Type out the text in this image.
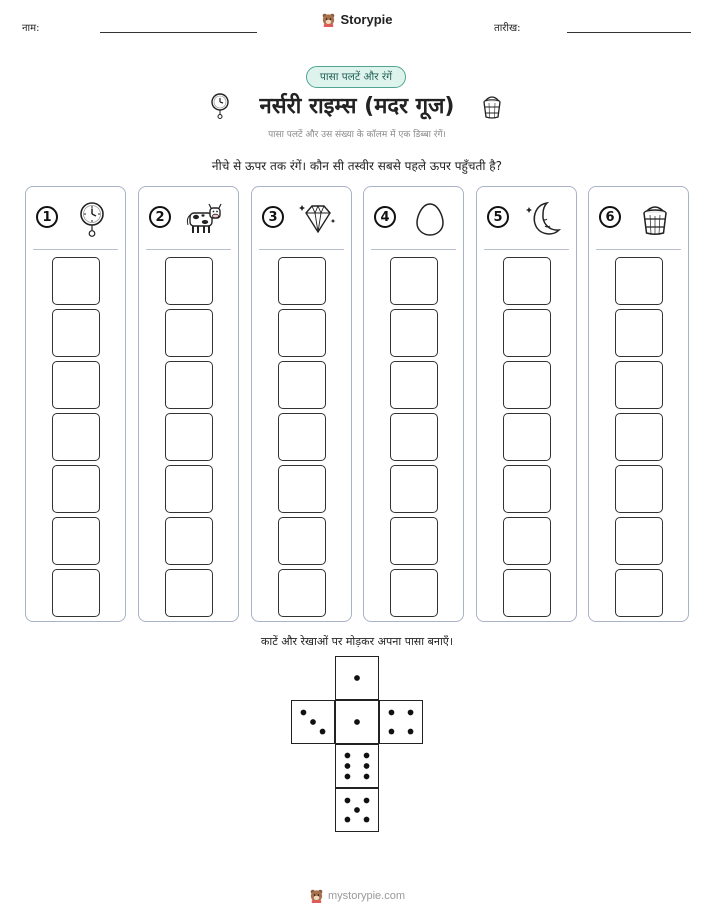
नाम:
Storypie
तारीख:
पासा पलटें और रंगें
नर्सरी राइम्स (मदर गूज)
पासा पलटें और उस संख्या के कॉलम में एक डिब्बा रंगें।
नीचे से ऊपर तक रंगें। कौन सी तस्वीर सबसे पहले ऊपर पहुँचती है?
1	2	3	4	5	6
काटें और रेखाओं पर मोड़कर अपना पासा बनाएँ।
mystorypie.com
